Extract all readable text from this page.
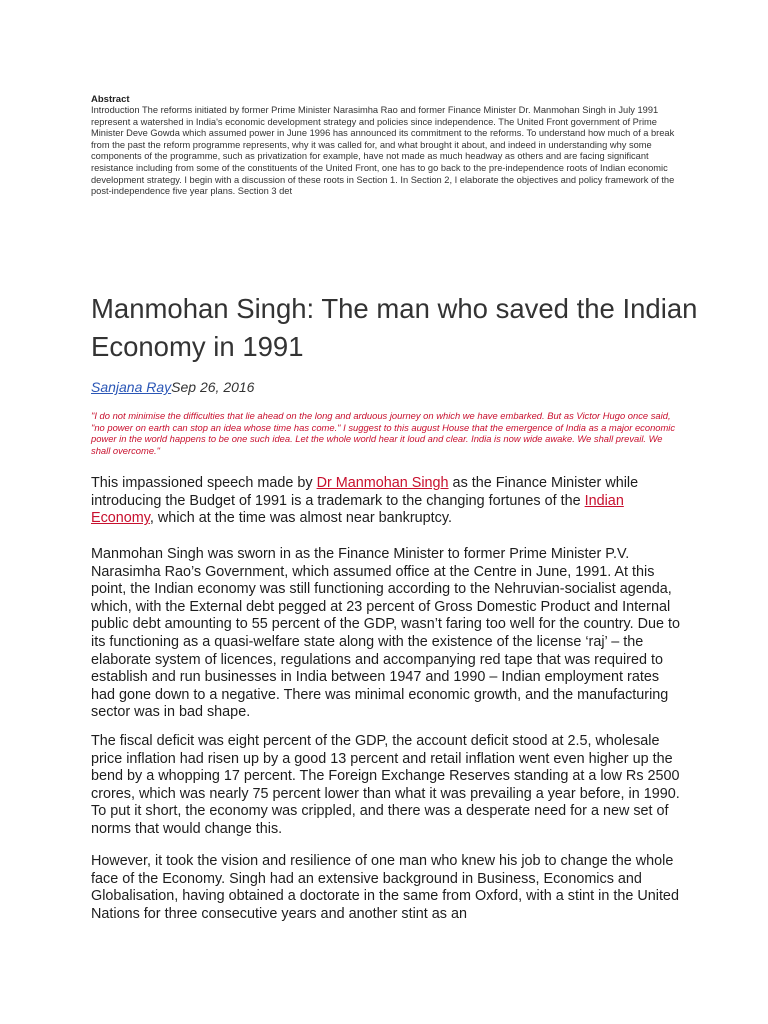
Abstract

Introduction The reforms initiated by former Prime Minister Narasimha Rao and former Finance Minister Dr. Manmohan Singh in July 1991 represent a watershed in India's economic development strategy and policies since independence. The United Front government of Prime Minister Deve Gowda which assumed power in June 1996 has announced its commitment to the reforms. To understand how much of a break from the past the reform programme represents, why it was called for, and what brought it about, and indeed in understanding why some components of the programme, such as privatization for example, have not made as much headway as others and are facing significant resistance including from some of the constituents of the United Front, one has to go back to the pre-independence roots of Indian economic development strategy. I begin with a discussion of these roots in Section 1. In Section 2, I elaborate the objectives and policy framework of the post-independence five year plans. Section 3 det

Manmohan Singh: The man who saved the Indian Economy in 1991
Sanjana RaySep 26, 2016

"I do not minimise the difficulties that lie ahead on the long and arduous journey on which we have embarked. But as Victor Hugo once said, "no power on earth can stop an idea whose time has come." I suggest to this august House that the emergence of India as a major economic power in the world happens to be one such idea. Let the whole world hear it loud and clear. India is now wide awake. We shall prevail. We shall overcome."

This impassioned speech made by Dr Manmohan Singh as the Finance Minister while introducing the Budget of 1991 is a trademark to the changing fortunes of the Indian Economy, which at the time was almost near bankruptcy.

Manmohan Singh was sworn in as the Finance Minister to former Prime Minister P.V. Narasimha Rao’s Government, which assumed office at the Centre in June, 1991. At this point, the Indian economy was still functioning according to the Nehruvian-socialist agenda, which, with the External debt pegged at 23 percent of Gross Domestic Product and Internal public debt amounting to 55 percent of the GDP, wasn’t faring too well for the country. Due to its functioning as a quasi-welfare state along with the existence of the license ‘raj’ – the elaborate system of licences, regulations and accompanying red tape that was required to establish and run businesses in India between 1947 and 1990 – Indian employment rates had gone down to a negative. There was minimal economic growth, and the manufacturing sector was in bad shape.

The fiscal deficit was eight percent of the GDP, the account deficit stood at 2.5, wholesale price inflation had risen up by a good 13 percent and retail inflation went even higher up the bend by a whopping 17 percent. The Foreign Exchange Reserves standing at a low Rs 2500 crores, which was nearly 75 percent lower than what it was prevailing a year before, in 1990. To put it short, the economy was crippled, and there was a desperate need for a new set of norms that would change this.

However, it took the vision and resilience of one man who knew his job to change the whole face of the Economy. Singh had an extensive background in Business, Economics and Globalisation, having obtained a doctorate in the same from Oxford, with a stint in the United Nations for three consecutive years and another stint as an
